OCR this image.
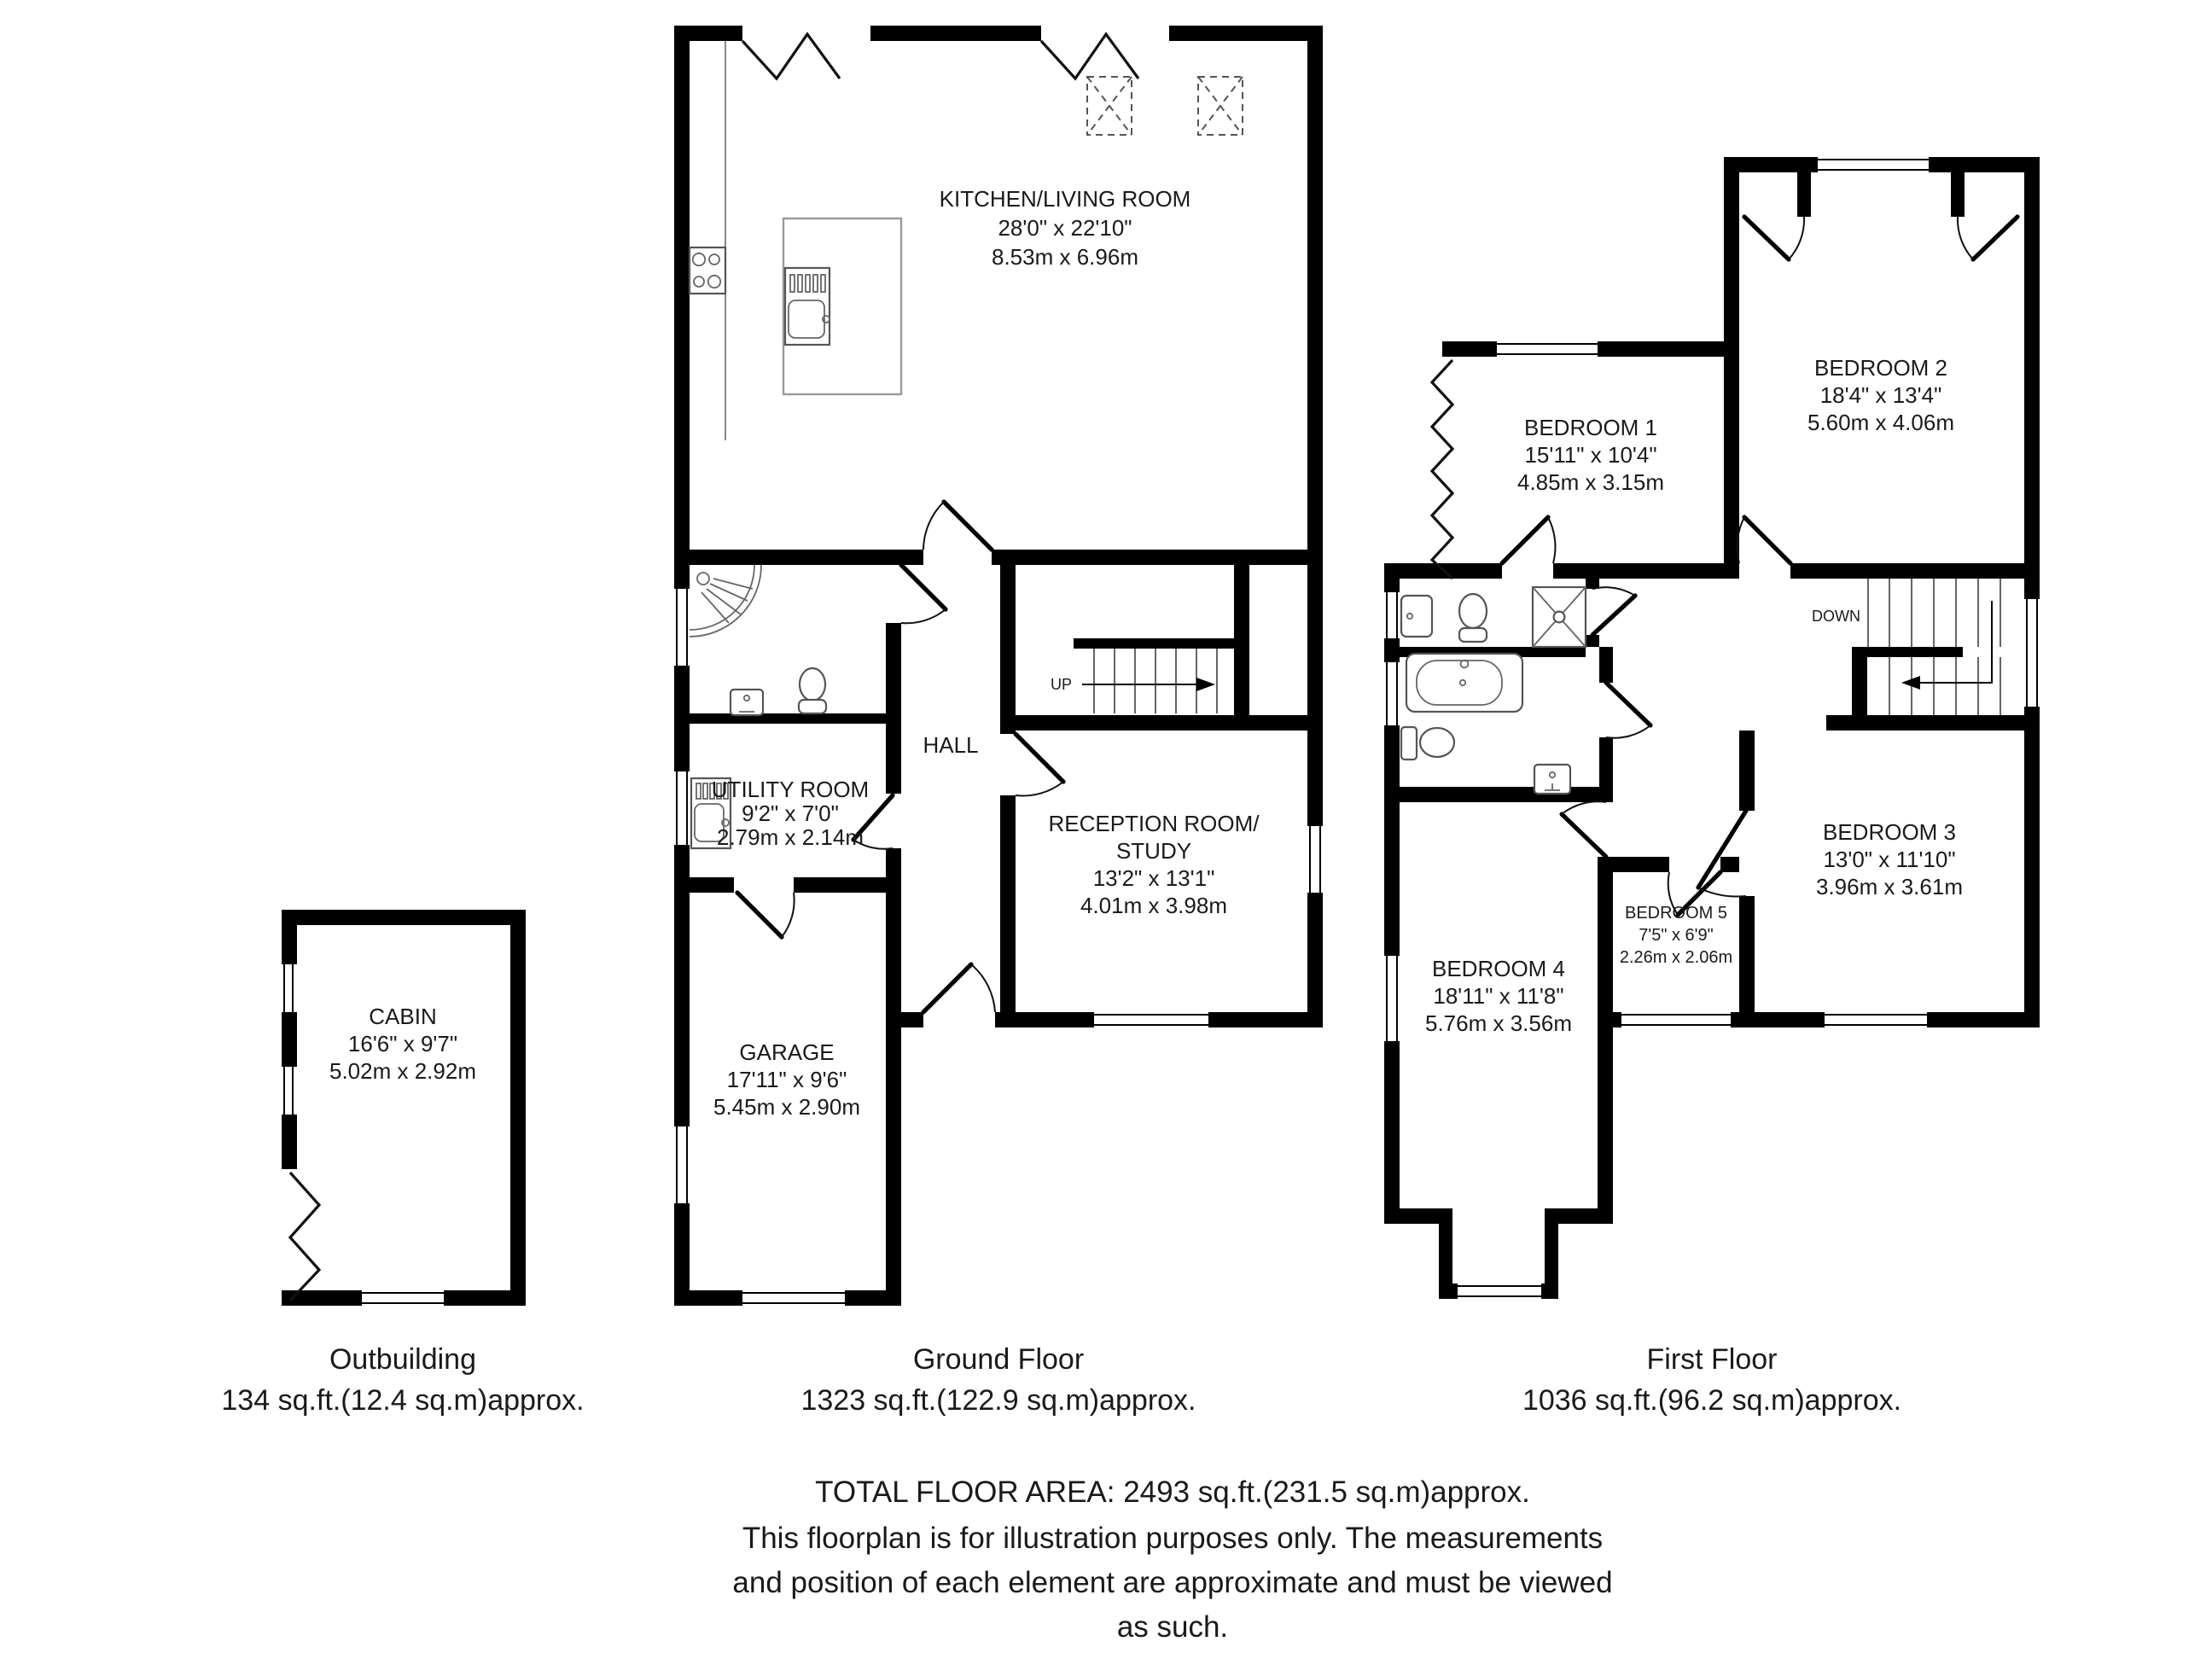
CABIN
16'6" x 9'7"
5.02m x 2.92m
UP
KITCHEN/LIVING ROOM
28'0" x 22'10"
8.53m x 6.96m
HALL
RECEPTION ROOM/
STUDY
13'2" x 13'1"
4.01m x 3.98m
UTILITY ROOM
9'2" x 7'0"
2.79m x 2.14m
GARAGE
17'11" x 9'6"
5.45m x 2.90m
DOWN
BEDROOM 1
15'11" x 10'4"
4.85m x 3.15m
BEDROOM 2
18'4" x 13'4"
5.60m x 4.06m
BEDROOM 3
13'0" x 11'10"
3.96m x 3.61m
BEDROOM 4
18'11" x 11'8"
5.76m x 3.56m
BEDROOM 5
7'5" x 6'9"
2.26m x 2.06m
Outbuilding
134 sq.ft.(12.4 sq.m)approx.
Ground Floor
1323 sq.ft.(122.9 sq.m)approx.
First Floor
1036 sq.ft.(96.2 sq.m)approx.
TOTAL FLOOR AREA: 2493 sq.ft.(231.5 sq.m)approx.
This floorplan is for illustration purposes only. The measurements
and position of each element are approximate and must be viewed
as such.
